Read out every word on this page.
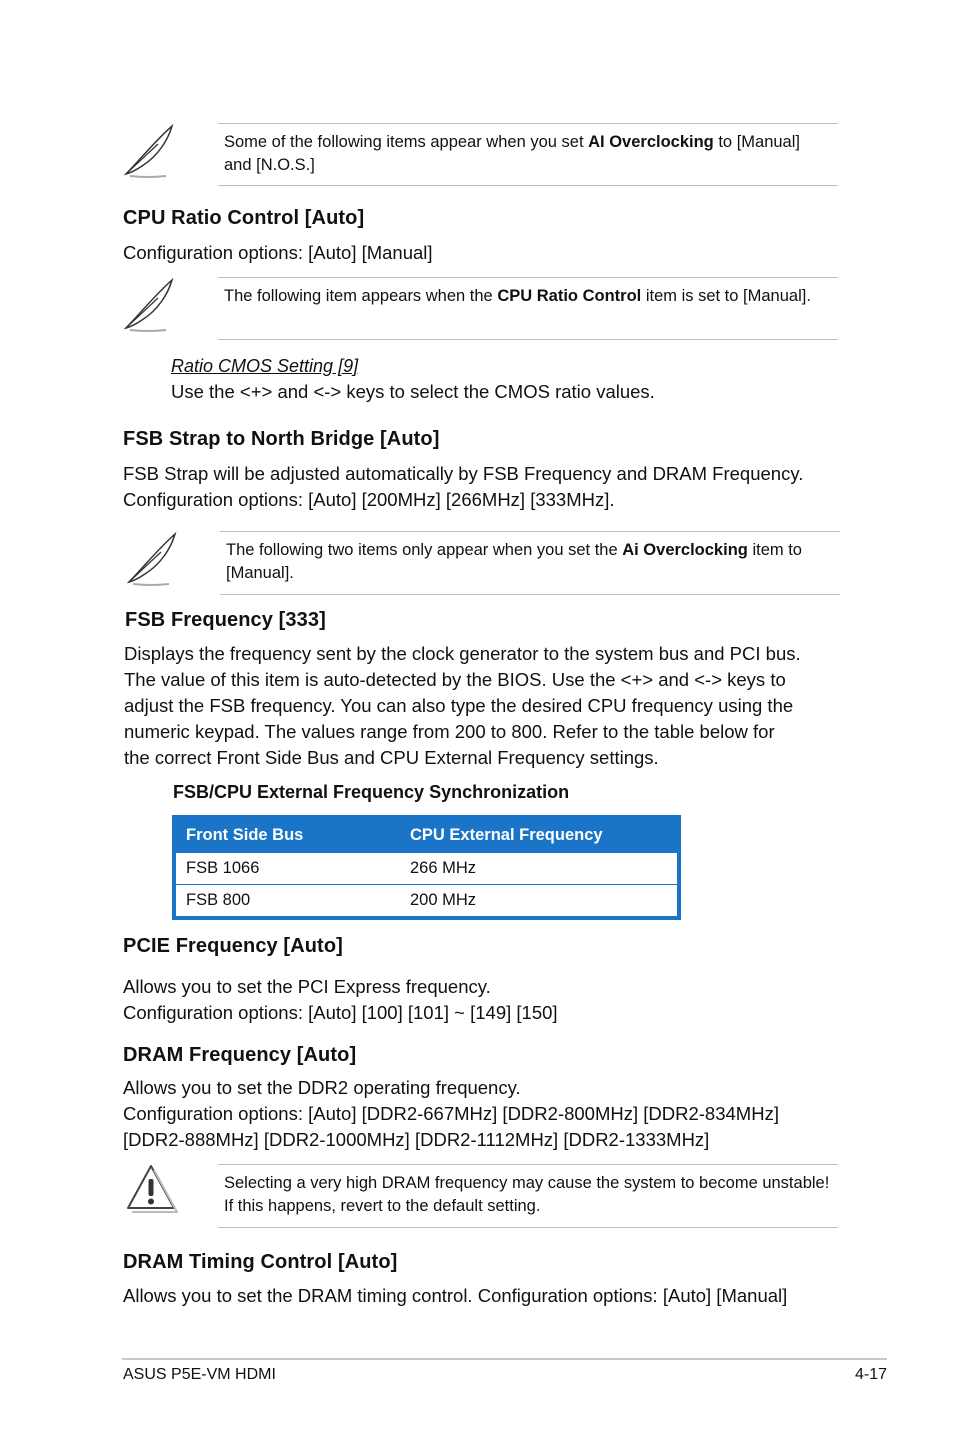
Some of the following items appear when you set AI Overclocking to [Manual] and [N.O.S.]
CPU Ratio Control [Auto]

Configuration options: [Auto] [Manual]

The following item appears when the CPU Ratio Control item is set to [Manual].

Ratio CMOS Setting [9]

Use the <+> and <-> keys to select the CMOS ratio values.

FSB Strap to North Bridge [Auto]

FSB Strap will be adjusted automatically by FSB Frequency and DRAM Frequency.

Configuration options: [Auto] [200MHz] [266MHz] [333MHz].

The following two items only appear when you set the Ai Overclocking item to [Manual].
FSB Frequency [333]

Displays the frequency sent by the clock generator to the system bus and PCI bus.

The value of this item is auto-detected by the BIOS. Use the <+> and <-> keys to

adjust the FSB frequency. You can also type the desired CPU frequency using the

numeric keypad. The values range from 200 to 800. Refer to the table below for

the correct Front Side Bus and CPU External Frequency settings.

FSB/CPU External Frequency Synchronization

Front Side Bus	CPU External Frequency
FSB 1066	266 MHz
FSB 800	200 MHz
PCIE Frequency [Auto]

Allows you to set the PCI Express frequency.

Configuration options: [Auto] [100] [101] ~ [149] [150]

DRAM Frequency [Auto]

Allows you to set the DDR2 operating frequency.

Configuration options: [Auto] [DDR2-667MHz] [DDR2-800MHz] [DDR2-834MHz]

[DDR2-888MHz] [DDR2-1000MHz] [DDR2-1112MHz] [DDR2-1333MHz]

Selecting a very high DRAM frequency may cause the system to become unstable! If this happens, revert to the default setting.
DRAM Timing Control [Auto]

Allows you to set the DRAM timing control. Configuration options: [Auto] [Manual]

ASUS P5E-VM HDMI	4-17
